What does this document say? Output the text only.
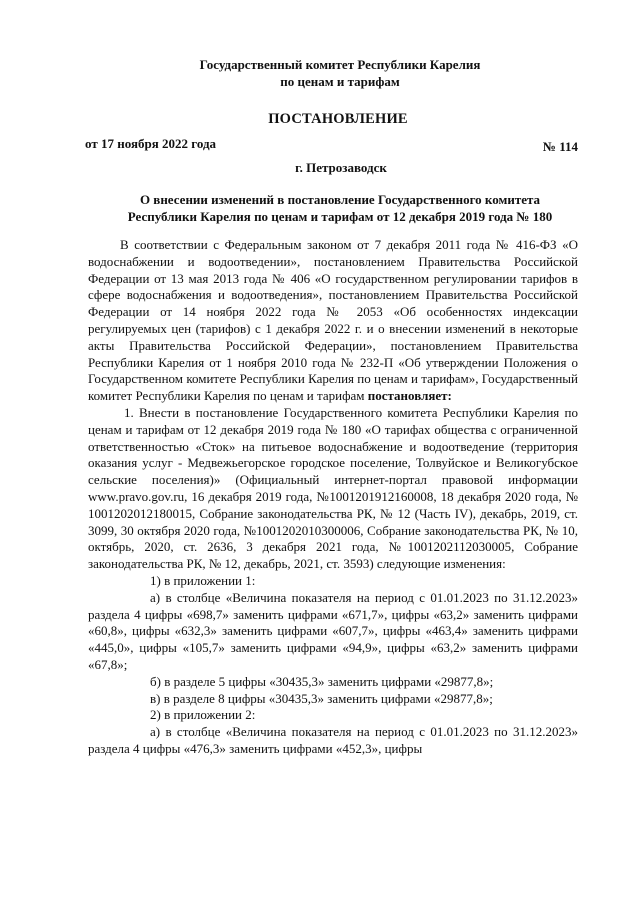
Государственный комитет Республики Карелия
по ценам и тарифам
ПОСТАНОВЛЕНИЕ
от 17 ноября 2022 года	№ 114
г. Петрозаводск
О внесении изменений в постановление Государственного комитета
Республики Карелия по ценам и тарифам от 12 декабря 2019 года № 180

В соответствии с Федеральным законом от 7 декабря 2011 года № 416-ФЗ «О водоснабжении и водоотведении», постановлением Правительства Российской Федерации от 13 мая 2013 года № 406 «О государственном регулировании тарифов в сфере водоснабжения и водоотведения», постановлением Правительства Российской Федерации от 14 ноября 2022 года № 2053 «Об особенностях индексации регулируемых цен (тарифов) с 1 декабря 2022 г. и о внесении изменений в некоторые акты Правительства Российской Федерации», постановлением Правительства Республики Карелия от 1 ноября 2010 года № 232-П «Об утверждении Положения о Государственном комитете Республики Карелия по ценам и тарифам», Государственный комитет Республики Карелия по ценам и тарифам постановляет:

1. Внести в постановление Государственного комитета Республики Карелия по ценам и тарифам от 12 декабря 2019 года № 180 «О тарифах общества с ограниченной ответственностью «Сток» на питьевое водоснабжение и водоотведение (территория оказания услуг - Медвежьегорское городское поселение, Толвуйское и Великогубское сельские поселения)» (Официальный интернет-портал правовой информации www.pravo.gov.ru, 16 декабря 2019 года, №1001201912160008, 18 декабря 2020 года, № 1001202012180015, Собрание законодательства РК, № 12 (Часть IV), декабрь, 2019, ст. 3099, 30 октября 2020 года, №1001202010300006, Собрание законодательства РК, № 10, октябрь, 2020, ст. 2636, 3 декабря 2021 года, №1001202112030005, Собрание законодательства РК, № 12, декабрь, 2021, ст. 3593) следующие изменения:

1) в приложении 1:

а) в столбце «Величина показателя на период с 01.01.2023 по 31.12.2023» раздела 4 цифры «698,7» заменить цифрами «671,7», цифры «63,2» заменить цифрами «60,8», цифры «632,3» заменить цифрами «607,7», цифры «463,4» заменить цифрами «445,0», цифры «105,7» заменить цифрами «94,9», цифры «63,2» заменить цифрами «67,8»;

б) в разделе 5 цифры «30435,3» заменить цифрами «29877,8»;

в) в разделе 8 цифры «30435,3» заменить цифрами «29877,8»;

2) в приложении 2:

а) в столбце «Величина показателя на период с 01.01.2023 по 31.12.2023» раздела 4 цифры «476,3» заменить цифрами «452,3», цифры
